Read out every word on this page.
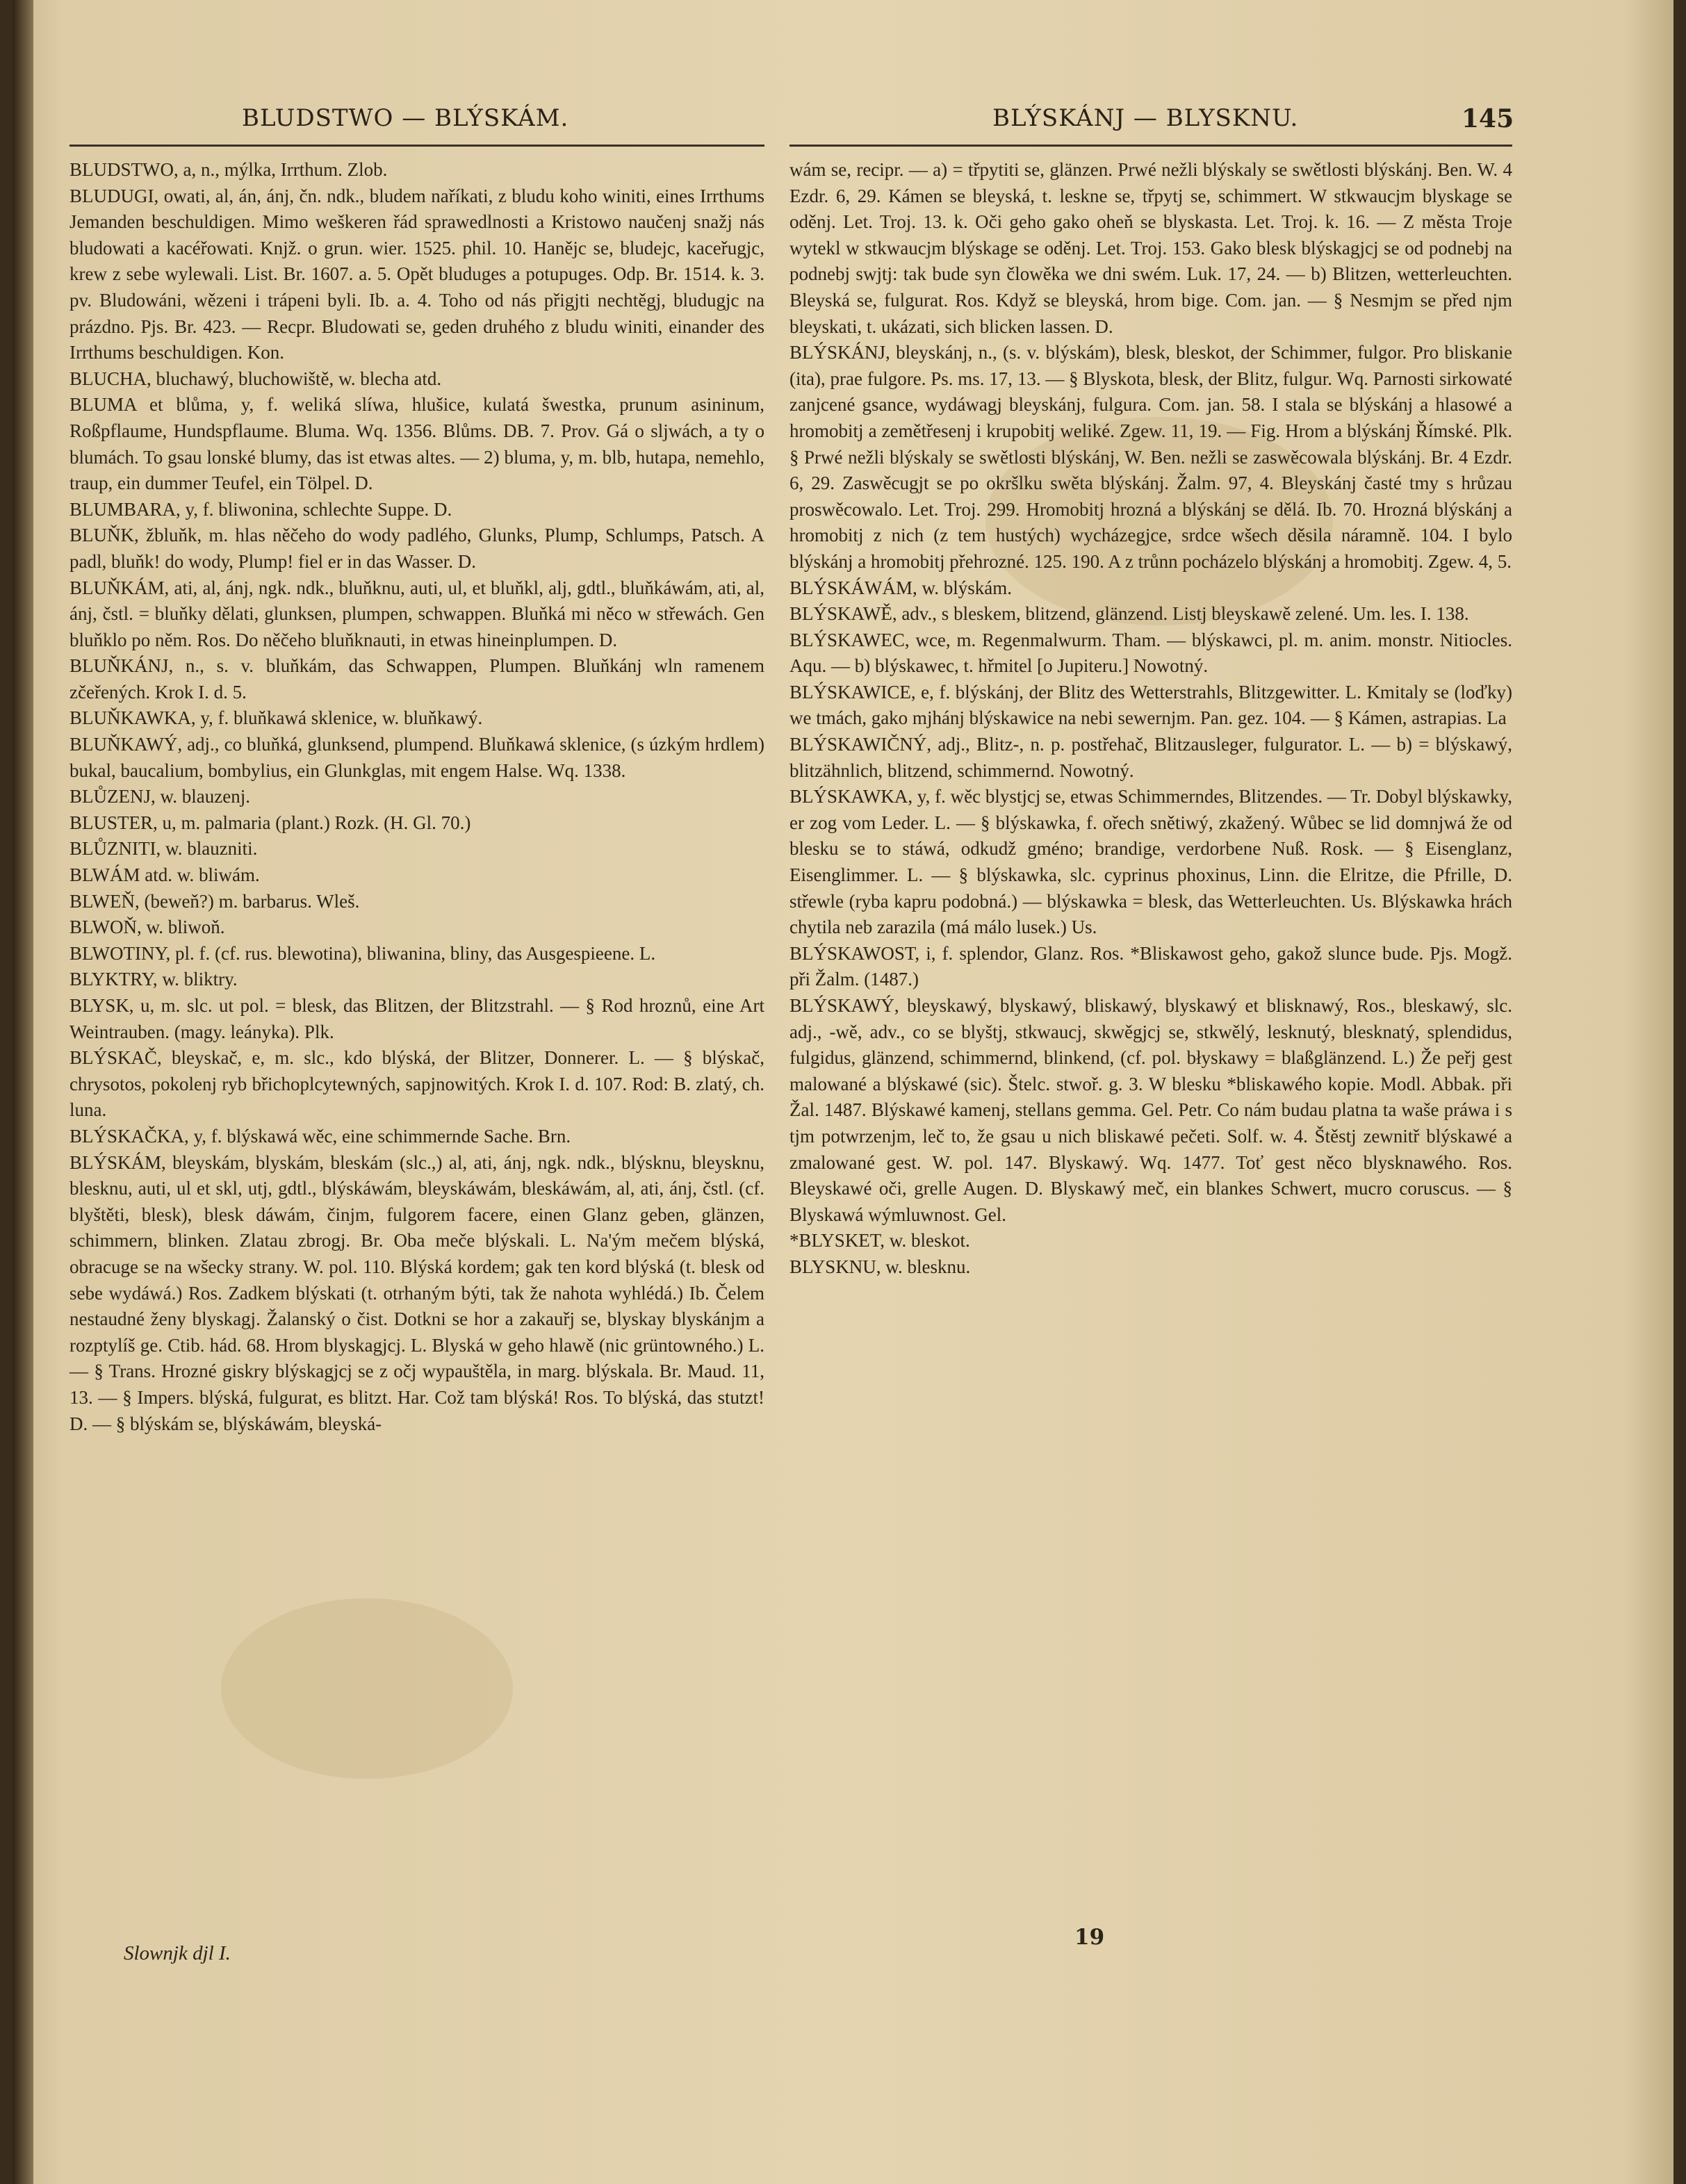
BLUDSTWO — BLÝSKÁM.	BLÝSKÁNJ — BLYSKNU.	145

BLUDSTWO, a, n., mýlka, Irrthum. Zlob.

BLUDUGI, owati, al, án, ánj, čn. ndk., bludem naříkati, z bludu koho winiti, eines Irrthums Jemanden beschuldigen. Mimo weškeren řád sprawedlnosti a Kristowo naučenj snažj nás bludowati a kacéřowati. Knjž. o grun. wier. 1525. phil. 10. Hanějc se, bludejc, kaceřugjc, krew z sebe wylewali. List. Br. 1607. a. 5. Opět bluduges a potupuges. Odp. Br. 1514. k. 3. pv. Bludowáni, wězeni i trápeni byli. Ib. a. 4. Toho od nás přigjti nechtěgj, bludugjc na prázdno. Pjs. Br. 423. — Recpr. Bludowati se, geden druhého z bludu winiti, einander des Irrthums beschuldigen. Kon.

BLUCHA, bluchawý, bluchowiště, w. blecha atd.

BLUMA et blůma, y, f. weliká slíwa, hlušice, kulatá šwestka, prunum asininum, Roßpflaume, Hundspflaume. Bluma. Wq. 1356. Blůms. DB. 7. Prov. Gá o sljwách, a ty o blumách. To gsau lonské blumy, das ist etwas altes. — 2) bluma, y, m. blb, hutapa, nemehlo, traup, ein dummer Teufel, ein Tölpel. D.

BLUMBARA, y, f. bliwonina, schlechte Suppe. D.

BLUŇK, žbluňk, m. hlas něčeho do wody padlého, Glunks, Plump, Schlumps, Patsch. A padl, bluňk! do wody, Plump! fiel er in das Wasser. D.

BLUŇKÁM, ati, al, ánj, ngk. ndk., bluňknu, auti, ul, et bluňkl, alj, gdtl., bluňkáwám, ati, al, ánj, čstl. = bluňky dělati, glunksen, plumpen, schwappen. Bluňká mi něco w střewách. Gen bluňklo po něm. Ros. Do něčeho bluňknauti, in etwas hineinplumpen. D.

BLUŇKÁNJ, n., s. v. bluňkám, das Schwappen, Plumpen. Bluňkánj wln ramenem zčeřených. Krok I. d. 5.

BLUŇKAWKA, y, f. bluňkawá sklenice, w. bluňkawý.

BLUŇKAWÝ, adj., co bluňká, glunksend, plumpend. Bluňkawá sklenice, (s úzkým hrdlem) bukal, baucalium, bombylius, ein Glunkglas, mit engem Halse. Wq. 1338.

BLŮZENJ, w. blauzenj.

BLUSTER, u, m. palmaria (plant.) Rozk. (H. Gl. 70.)

BLŮZNITI, w. blauzniti.

BLWÁM atd. w. bliwám.

BLWEŇ, (beweň?) m. barbarus. Wleš.

BLWOŇ, w. bliwoň.

BLWOTINY, pl. f. (cf. rus. blewotina), bliwanina, bliny, das Ausgespieene. L.

BLYKTRY, w. bliktry.

BLYSK, u, m. slc. ut pol. = blesk, das Blitzen, der Blitzstrahl. — § Rod hroznů, eine Art Weintrauben. (magy. leányka). Plk.

BLÝSKAČ, bleyskač, e, m. slc., kdo blýská, der Blitzer, Donnerer. L. — § blýskač, chrysotos, pokolenj ryb břichoplcytewných, sapjnowitých. Krok I. d. 107. Rod: B. zlatý, ch. luna.

BLÝSKAČKA, y, f. blýskawá wěc, eine schimmernde Sache. Brn.

BLÝSKÁM, bleyskám, blyskám, bleskám (slc.,) al, ati, ánj, ngk. ndk., blýsknu, bleysknu, blesknu, auti, ul et skl, utj, gdtl., blýskáwám, bleyskáwám, bleskáwám, al, ati, ánj, čstl. (cf. blyštěti, blesk), blesk dáwám, činjm, fulgorem facere, einen Glanz geben, glänzen, schimmern, blinken. Zlatau zbrogj. Br. Oba meče blýskali. L. Na'ým mečem blýská, obracuge se na wšecky strany. W. pol. 110. Blýská kordem; gak ten kord blýská (t. blesk od sebe wydáwá.) Ros. Zadkem blýskati (t. otrhaným býti, tak že nahota wyhlédá.) Ib. Čelem nestaudné ženy blyskagj. Žalanský o čist. Dotkni se hor a zakauřj se, blyskay blyskánjm a rozptylíš ge. Ctib. hád. 68. Hrom blyskagjcj. L. Blyská w geho hlawě (nic grüntowného.) L. — § Trans. Hrozné giskry blýskagjcj se z očj wypauštěla, in marg. blýskala. Br. Maud. 11, 13. — § Impers. blýská, fulgurat, es blitzt. Har. Což tam blýská! Ros. To blýská, das stutzt! D. — § blýskám se, blýskáwám, bleyská-

wám se, recipr. — a) = třpytiti se, glänzen. Prwé nežli blýskaly se swětlosti blýskánj. Ben. W. 4 Ezdr. 6, 29. Kámen se bleyská, t. leskne se, třpytj se, schimmert. W stkwaucjm blyskage se oděnj. Let. Troj. 13. k. Oči geho gako oheň se blyskasta. Let. Troj. k. 16. — Z města Troje wytekl w stkwaucjm blýskage se oděnj. Let. Troj. 153. Gako blesk blýskagjcj se od podnebj na podnebj swjtj: tak bude syn člowěka we dni swém. Luk. 17, 24. — b) Blitzen, wetterleuchten. Bleyská se, fulgurat. Ros. Když se bleyská, hrom bige. Com. jan. — § Nesmjm se před njm bleyskati, t. ukázati, sich blicken lassen. D.

BLÝSKÁNJ, bleyskánj, n., (s. v. blýskám), blesk, bleskot, der Schimmer, fulgor. Pro bliskanie (ita), prae fulgore. Ps. ms. 17, 13. — § Blyskota, blesk, der Blitz, fulgur. Wq. Parnosti sirkowaté zanjcené gsance, wydáwagj bleyskánj, fulgura. Com. jan. 58. I stala se blýskánj a hlasowé a hromobitj a zemětřesenj i krupobitj weliké. Zgew. 11, 19. — Fig. Hrom a blýskánj Římské. Plk. § Prwé nežli blýskaly se swětlosti blýskánj, W. Ben. nežli se zaswěcowala blýskánj. Br. 4 Ezdr. 6, 29. Zaswěcugjt se po okršlku swěta blýskánj. Žalm. 97, 4. Bleyskánj časté tmy s hrůzau proswěcowalo. Let. Troj. 299. Hromobitj hrozná a blýskánj se dělá. Ib. 70. Hrozná blýskánj a hromobitj z nich (z tem hustých) wycházegjce, srdce wšech děsila náramně. 104. I bylo blýskánj a hromobitj přehrozné. 125. 190. A z trůnn pocházelo blýskánj a hromobitj. Zgew. 4, 5.

BLÝSKÁWÁM, w. blýskám.

BLÝSKAWĚ, adv., s bleskem, blitzend, glänzend. Listj bleyskawě zelené. Um. les. I. 138.

BLÝSKAWEC, wce, m. Regenmalwurm. Tham. — blýskawci, pl. m. anim. monstr. Nitiocles. Aqu. — b) blýskawec, t. hřmitel [o Jupiteru.] Nowotný.

BLÝSKAWICE, e, f. blýskánj, der Blitz des Wetterstrahls, Blitzgewitter. L. Kmitaly se (loďky) we tmách, gako mjhánj blýskawice na nebi sewernjm. Pan. gez. 104. — § Kámen, astrapias. La

BLÝSKAWIČNÝ, adj., Blitz-, n. p. postřehač, Blitzausleger, fulgurator. L. — b) = blýskawý, blitzähnlich, blitzend, schimmernd. Nowotný.

BLÝSKAWKA, y, f. wěc blystjcj se, etwas Schimmerndes, Blitzendes. — Tr. Dobyl blýskawky, er zog vom Leder. L. — § blýskawka, f. ořech snětiwý, zkažený. Wůbec se lid domnjwá že od blesku se to stáwá, odkudž gméno; brandige, verdorbene Nuß. Rosk. — § Eisenglanz, Eisenglimmer. L. — § blýskawka, slc. cyprinus phoxinus, Linn. die Elritze, die Pfrille, D. střewle (ryba kapru podobná.) — blýskawka = blesk, das Wetterleuchten. Us. Blýskawka hrách chytila neb zarazila (má málo lusek.) Us.

BLÝSKAWOST, i, f. splendor, Glanz. Ros. *Bliskawost geho, gakož slunce bude. Pjs. Mogž. při Žalm. (1487.)

BLÝSKAWÝ, bleyskawý, blyskawý, bliskawý, blyskawý et blisknawý, Ros., bleskawý, slc. adj., -wě, adv., co se blyštj, stkwaucj, skwěgjcj se, stkwělý, lesknutý, blesknatý, splendidus, fulgidus, glänzend, schimmernd, blinkend, (cf. pol. błyskawy = blaßglänzend. L.) Že peřj gest malowané a blýskawé (sic). Štelc. stwoř. g. 3. W blesku *bliskawého kopie. Modl. Abbak. při Žal. 1487. Blýskawé kamenj, stellans gemma. Gel. Petr. Co nám budau platna ta waše práwa i s tjm potwrzenjm, leč to, že gsau u nich bliskawé pečeti. Solf. w. 4. Štěstj zewnitř blýskawé a zmalowané gest. W. pol. 147. Blyskawý. Wq. 1477. Toť gest něco blysknawého. Ros. Bleyskawé oči, grelle Augen. D. Blyskawý meč, ein blankes Schwert, mucro coruscus. — § Blyskawá wýmluwnost. Gel.

*BLYSKET, w. bleskot.

BLYSKNU, w. blesknu.

Slownjk djl I.
19
